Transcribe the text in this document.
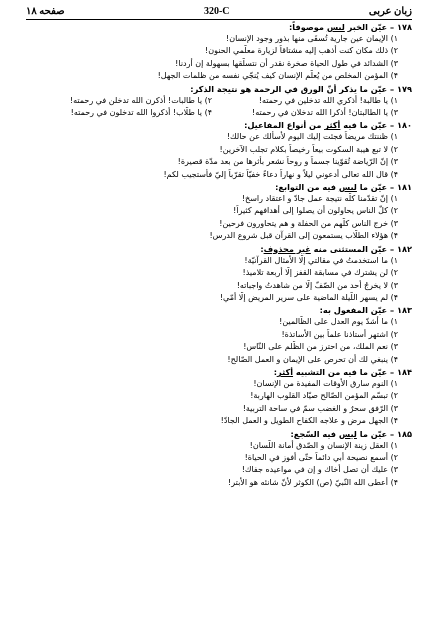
صفحه ۱۸	320-C	زبان عربی
۱۷۸ –عيّن الخبر لیس موصوفاً:
۱) الإيمان عين جارية تُسقَى منها بذور وجود الإنسان!
۲) ذلك مكان كنت أذهب إليه مشتاقاً لزيارة معلّمي الحنون!
۳) الشدائد في طول الحياة صخرة نقدر أن نتسلّقها بسهولة إن أردنا!
۴) المؤمن المخلص من يُعلّم الإنسان كيف يُنجّي نفسه من ظلمات الجهل!
۱۷۹ –عيّن ما يذكر أنّ الورق في الرحمة هو نتيجة الذكر:
۱) يا طالبة! أذكري الله تدخلين في رحمته!
۲) يا طالبات! أذكرن الله تدخلن في رحمته!
۳) يا الطالبتان! أذكرا الله تدخلان في رحمته!
۴) يا طلّاب! أذكروا الله تدخلون في رحمته!
۱۸۰ –عيّن ما فيه أكثر من أنواع المفاعيل:
۱) ظننتك مريضاً فجئت إليك اليوم لأسألك عن حالك!
۲) لا تبع هيبة السكوت بيعاً رخيصاً بكلام تجلب الآخرين!
۳) إنّ الرّياضة تُقوّينا جسماً و روحاً نشعر بأثرها من بعد مدّة قصيرة!
۴) قال الله تعالى أدعوني ليلاً و نهاراً دعاءً خفيّاً تقرّباً إليّ فأستجيب لكم!
۱۸۱ –عيّن ما لیس فيه من التوابع:
۱) إنّ تقدّمنا كلّه نتيجة عمل جادّ و اعتقاد راسخ!
۲) كلّ الناس يحاولون أن يصلوا إلى أهدافهم كثيراً!
۳) خرج الناس كلّهم من الحفلة و هم يتحاورون فرحين!
۴) هؤلاء الطلّاب يستمعون إلى القرآن قبل شروع الدرس!
۱۸۲ –عيّن المستثنى منه غیر محذوف:
۱) ما استخدمتُ في مقالتي إلّا الأمثال القرآنيّة!
۲) لن يشترك في مسابقة القفز إلّا أربعة تلاميذ!
۳) لا يخرجُ أحد من الصّفّ إلّا من شاهدتُ واجباته!
۴) لم يسهر اللّيلة الماضية على سرير المريض إلّا أمّي!
۱۸۳ –عيّن المفعول به:
۱) ما أشدّ يوم العدل على الظّالمين!
۲) اشتهر أستاذنا علماً بين الأساتذة!
۳) نعم الملك، من احترز من الظّلم على النّاس!
۴) ينبغي لك أن تحرص على الإيمان و العمل الصّالح!
۱۸۴ –عيّن ما فيه من التشبيه أكثر:
۱) النوم سارق الأوقات المفيدة من الإنسان!
۲) تبسّم المؤمن الصّالح صيّاد القلوب الهاربة!
۳) الرّفق سحرٌ و الغضب سمّ في ساحة التربية!
۴) الجهل مرض و علاجه الكفاح الطويل و العمل الجادّ!
۱۸۵ –عيّن ما لیس فيه السّجع:
۱) العقل زينة الإنسان و الصّدق أمانة اللّسان!
۲) أسمع نصيحة أبي دائماً حتّى أفوز في الحياة!
۳) عليك أن تصل أخاك و إن في مواعيده جفاك!
۴) أعطى الله النّبيّ (ص) الكوثر لأنّ شانئه هو الأبتر!
